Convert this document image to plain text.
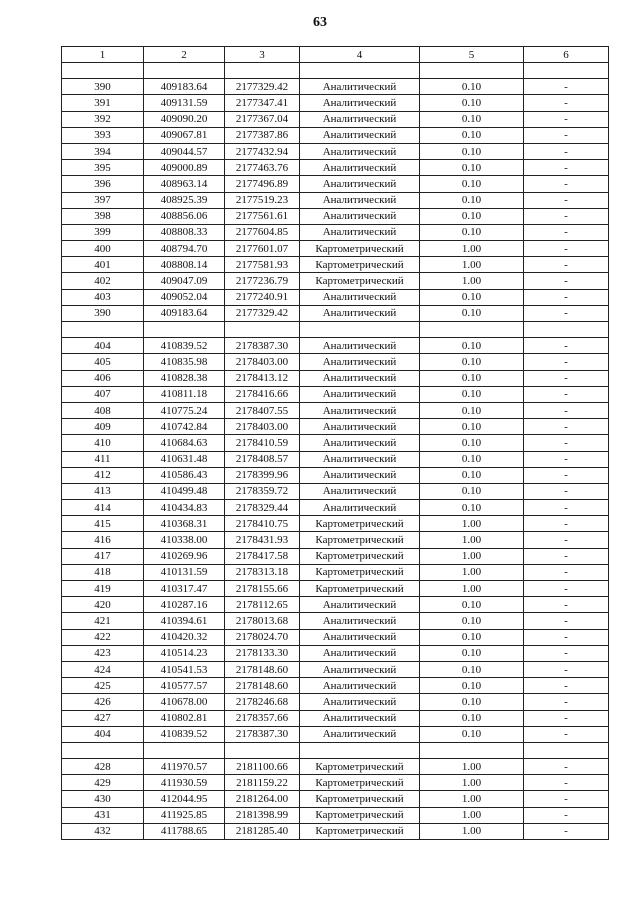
63
1	2	3	4	5	6

390	409183.64	2177329.42	Аналитический	0.10	-
391	409131.59	2177347.41	Аналитический	0.10	-
392	409090.20	2177367.04	Аналитический	0.10	-
393	409067.81	2177387.86	Аналитический	0.10	-
394	409044.57	2177432.94	Аналитический	0.10	-
395	409000.89	2177463.76	Аналитический	0.10	-
396	408963.14	2177496.89	Аналитический	0.10	-
397	408925.39	2177519.23	Аналитический	0.10	-
398	408856.06	2177561.61	Аналитический	0.10	-
399	408808.33	2177604.85	Аналитический	0.10	-
400	408794.70	2177601.07	Картометрический	1.00	-
401	408808.14	2177581.93	Картометрический	1.00	-
402	409047.09	2177236.79	Картометрический	1.00	-
403	409052.04	2177240.91	Аналитический	0.10	-
390	409183.64	2177329.42	Аналитический	0.10	-

404	410839.52	2178387.30	Аналитический	0.10	-
405	410835.98	2178403.00	Аналитический	0.10	-
406	410828.38	2178413.12	Аналитический	0.10	-
407	410811.18	2178416.66	Аналитический	0.10	-
408	410775.24	2178407.55	Аналитический	0.10	-
409	410742.84	2178403.00	Аналитический	0.10	-
410	410684.63	2178410.59	Аналитический	0.10	-
411	410631.48	2178408.57	Аналитический	0.10	-
412	410586.43	2178399.96	Аналитический	0.10	-
413	410499.48	2178359.72	Аналитический	0.10	-
414	410434.83	2178329.44	Аналитический	0.10	-
415	410368.31	2178410.75	Картометрический	1.00	-
416	410338.00	2178431.93	Картометрический	1.00	-
417	410269.96	2178417.58	Картометрический	1.00	-
418	410131.59	2178313.18	Картометрический	1.00	-
419	410317.47	2178155.66	Картометрический	1.00	-
420	410287.16	2178112.65	Аналитический	0.10	-
421	410394.61	2178013.68	Аналитический	0.10	-
422	410420.32	2178024.70	Аналитический	0.10	-
423	410514.23	2178133.30	Аналитический	0.10	-
424	410541.53	2178148.60	Аналитический	0.10	-
425	410577.57	2178148.60	Аналитический	0.10	-
426	410678.00	2178246.68	Аналитический	0.10	-
427	410802.81	2178357.66	Аналитический	0.10	-
404	410839.52	2178387.30	Аналитический	0.10	-

428	411970.57	2181100.66	Картометрический	1.00	-
429	411930.59	2181159.22	Картометрический	1.00	-
430	412044.95	2181264.00	Картометрический	1.00	-
431	411925.85	2181398.99	Картометрический	1.00	-
432	411788.65	2181285.40	Картометрический	1.00	-
